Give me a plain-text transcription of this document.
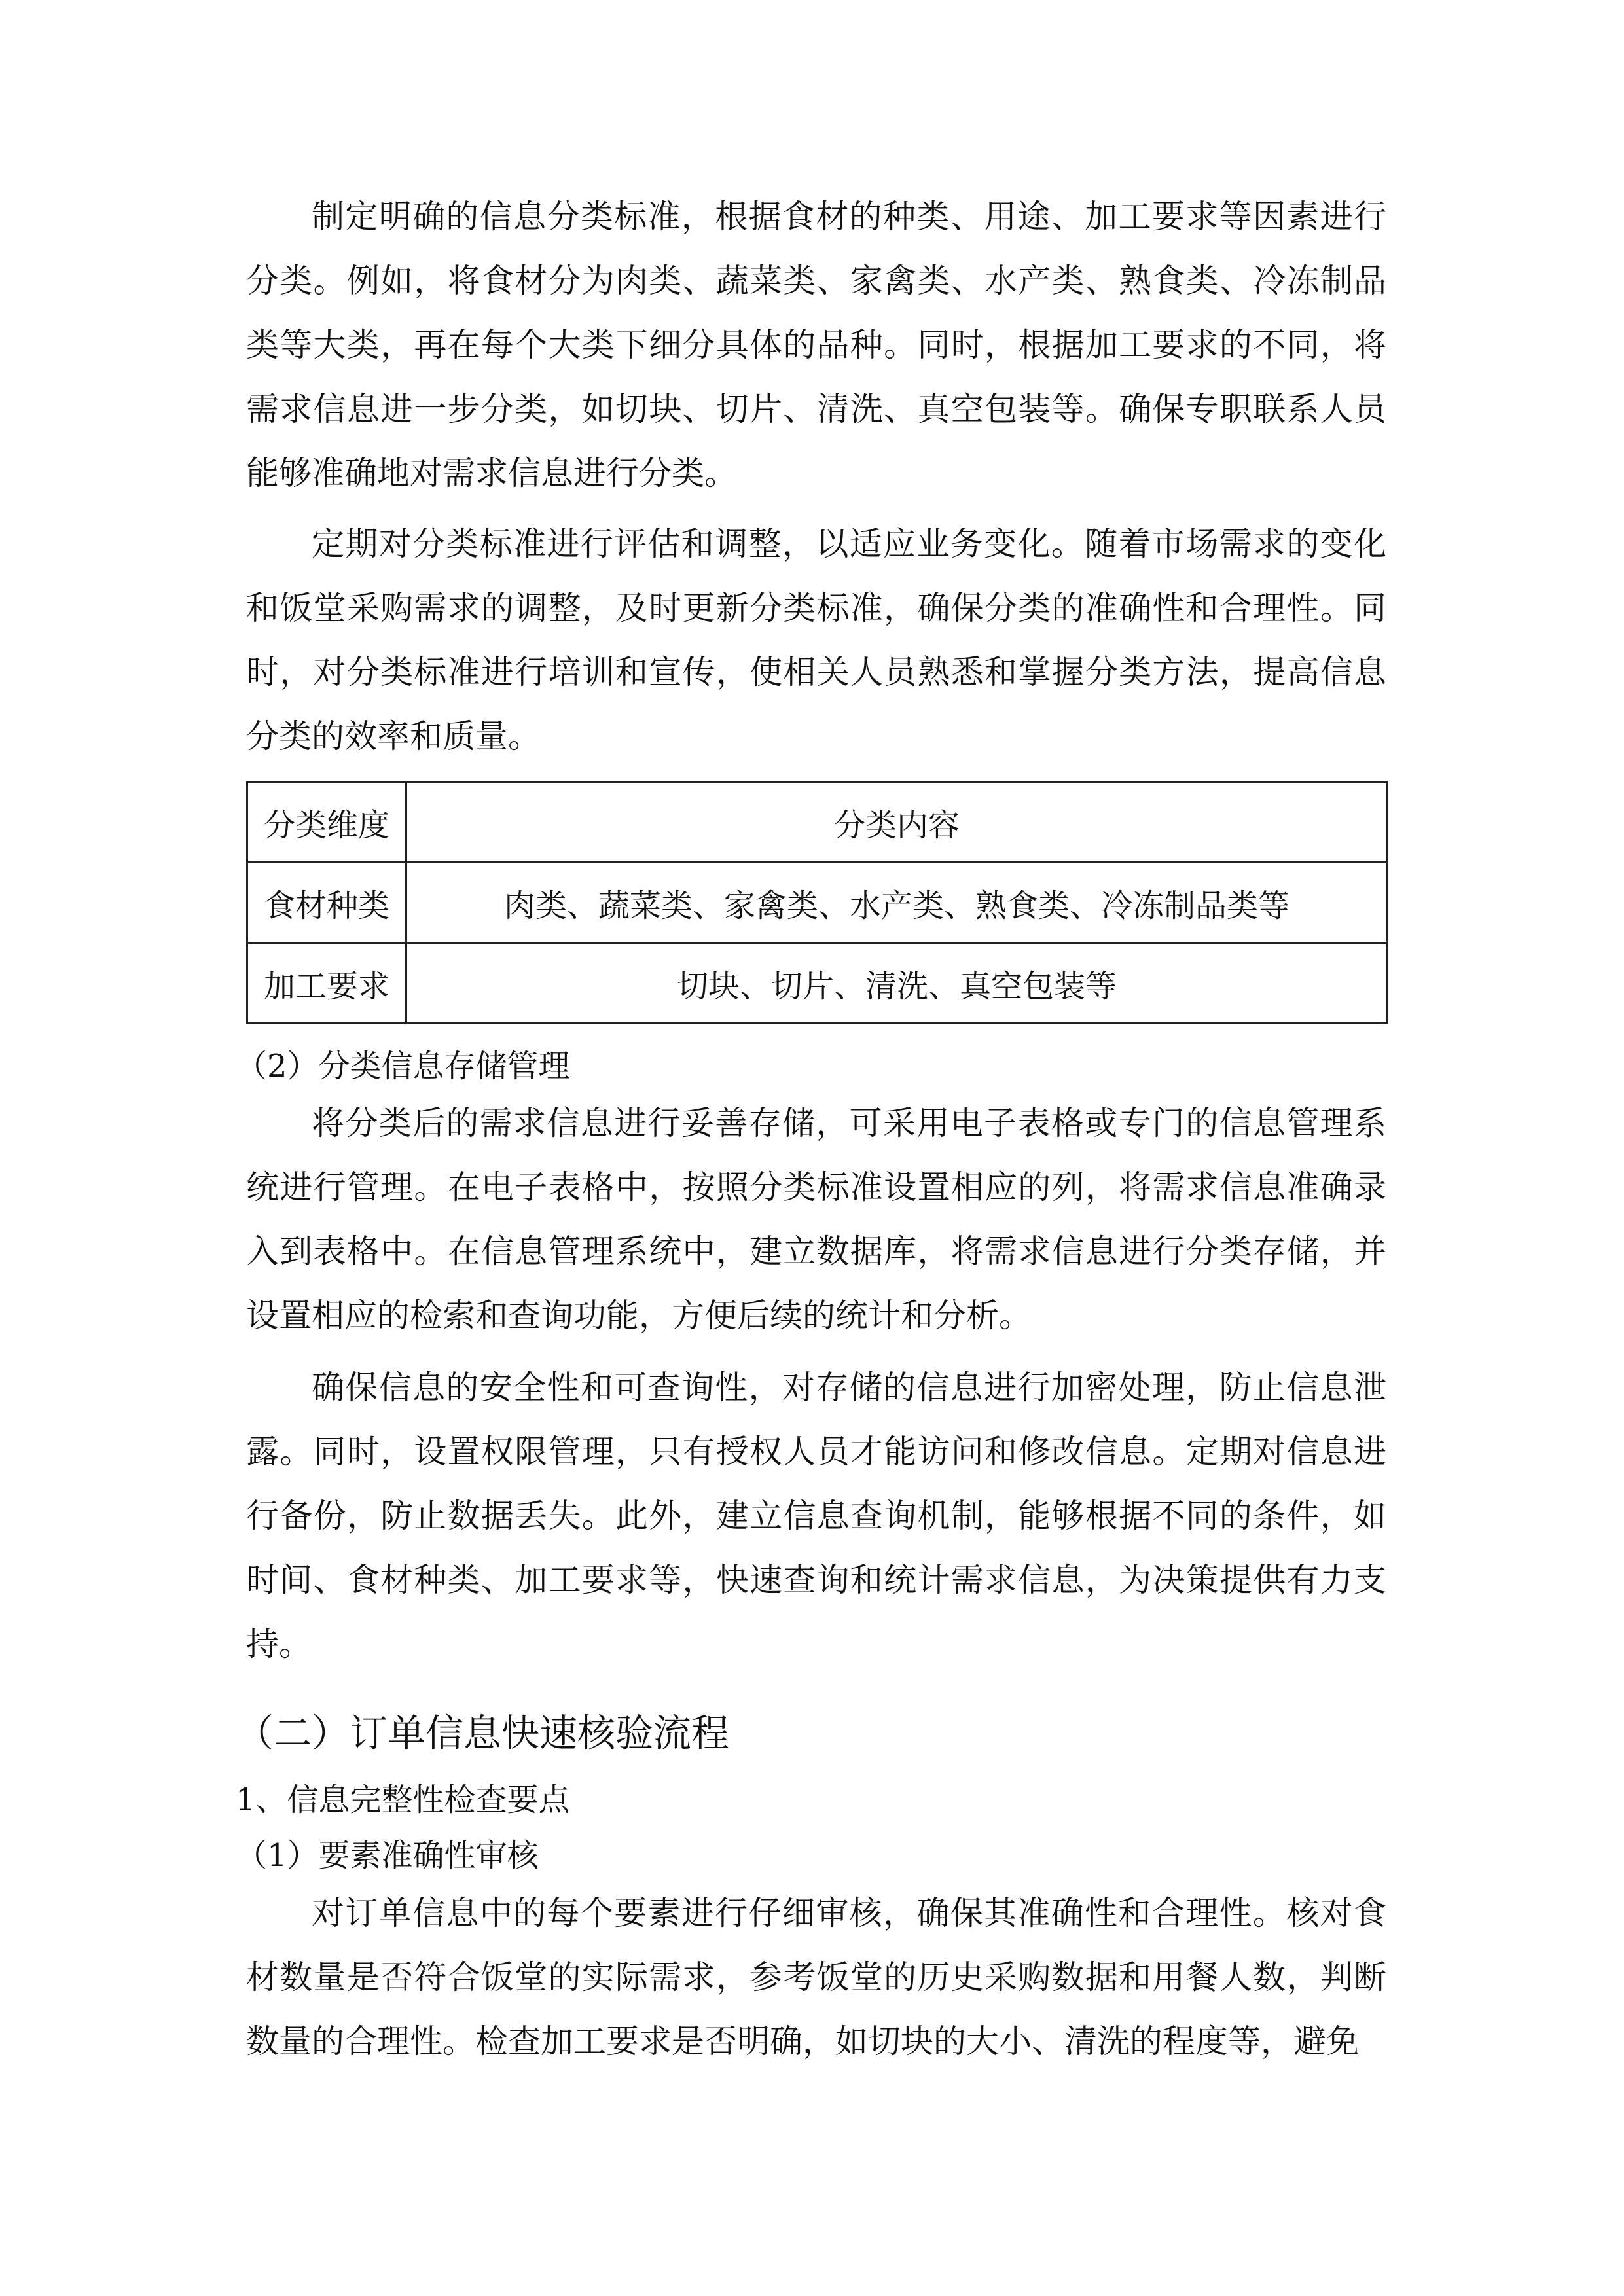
制定明确的信息分类标准，根据食材的种类、用途、加工要求等因素进行分类。例如，将食材分为肉类、蔬菜类、家禽类、水产类、熟食类、冷冻制品类等大类，再在每个大类下细分具体的品种。同时，根据加工要求的不同，将需求信息进一步分类，如切块、切片、清洗、真空包装等。确保专职联系人员能够准确地对需求信息进行分类。

定期对分类标准进行评估和调整，以适应业务变化。随着市场需求的变化和饭堂采购需求的调整，及时更新分类标准，确保分类的准确性和合理性。同时，对分类标准进行培训和宣传，使相关人员熟悉和掌握分类方法，提高信息分类的效率和质量。

分类维度	分类内容
食材种类	肉类、蔬菜类、家禽类、水产类、熟食类、冷冻制品类等
加工要求	切块、切片、清洗、真空包装等
（2）分类信息存储管理

将分类后的需求信息进行妥善存储，可采用电子表格或专门的信息管理系统进行管理。在电子表格中，按照分类标准设置相应的列，将需求信息准确录入到表格中。在信息管理系统中，建立数据库，将需求信息进行分类存储，并设置相应的检索和查询功能，方便后续的统计和分析。

确保信息的安全性和可查询性，对存储的信息进行加密处理，防止信息泄露。同时，设置权限管理，只有授权人员才能访问和修改信息。定期对信息进行备份，防止数据丢失。此外，建立信息查询机制，能够根据不同的条件，如时间、食材种类、加工要求等，快速查询和统计需求信息，为决策提供有力支持。

（二）订单信息快速核验流程
1、信息完整性检查要点
（1）要素准确性审核

对订单信息中的每个要素进行仔细审核，确保其准确性和合理性。核对食材数量是否符合饭堂的实际需求，参考饭堂的历史采购数据和用餐人数，判断数量的合理性。检查加工要求是否明确，如切块的大小、清洗的程度等，避免
